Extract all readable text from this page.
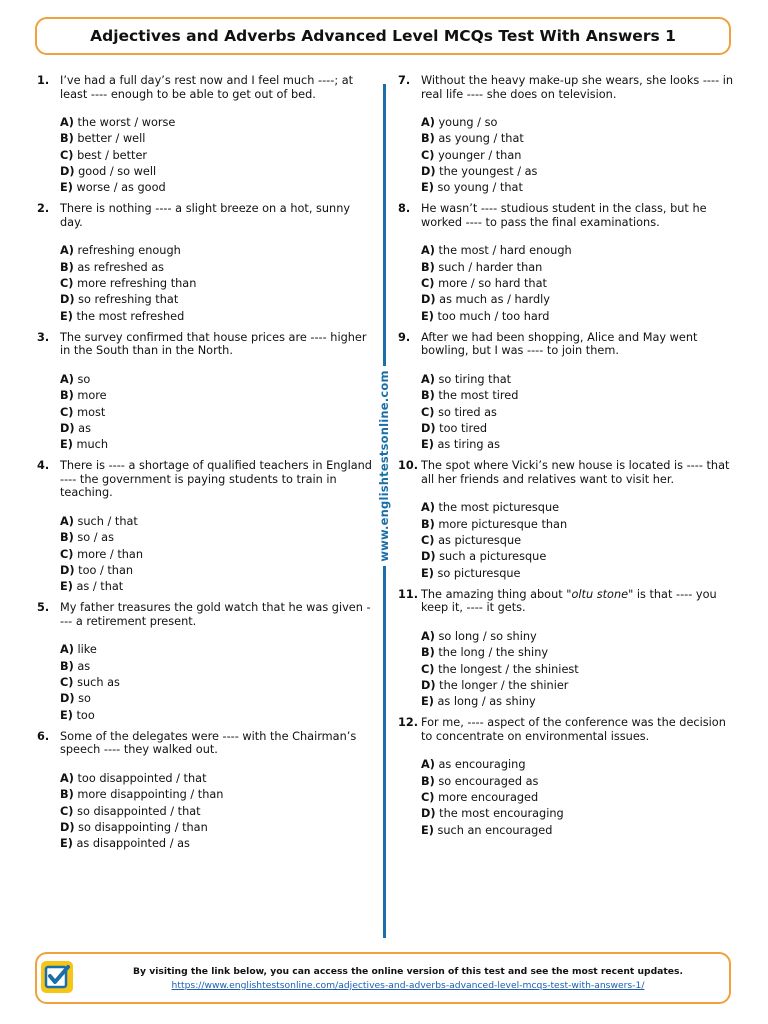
Adjectives and Adverbs Advanced Level MCQs Test With Answers 1
www.englishtestsonline.com
1. I’ve had a full day’s rest now and I feel much ----; at least ---- enough to be able to get out of bed.

A) the worst / worse

B) better / well

C) best / better

D) good / so well

E) worse / as good

2. There is nothing ---- a slight breeze on a hot, sunny day.

A) refreshing enough

B) as refreshed as

C) more refreshing than

D) so refreshing that

E) the most refreshed

3. The survey confirmed that house prices are ---- higher in the South than in the North.

A) so

B) more

C) most

D) as

E) much

4. There is ---- a shortage of qualified teachers in England ---- the government is paying students to train in teaching.

A) such / that

B) so / as

C) more / than

D) too / than

E) as / that

5. My father treasures the gold watch that he was given ---- a retirement present.

A) like

B) as

C) such as

D) so

E) too

6. Some of the delegates were ---- with the Chairman’s speech ---- they walked out.

A) too disappointed / that

B) more disappointing / than

C) so disappointed / that

D) so disappointing / than

E) as disappointed / as

7. Without the heavy make-up she wears, she looks ---- in real life ---- she does on television.

A) young / so

B) as young / that

C) younger / than

D) the youngest / as

E) so young / that

8. He wasn’t ---- studious student in the class, but he worked ---- to pass the final examinations.

A) the most / hard enough

B) such / harder than

C) more / so hard that

D) as much as / hardly

E) too much / too hard

9. After we had been shopping, Alice and May went bowling, but I was ---- to join them.

A) so tiring that

B) the most tired

C) so tired as

D) too tired

E) as tiring as

10. The spot where Vicki’s new house is located is ---- that all her friends and relatives want to visit her.

A) the most picturesque

B) more picturesque than

C) as picturesque

D) such a picturesque

E) so picturesque

11. The amazing thing about "oltu stone" is that ---- you keep it, ---- it gets.

A) so long / so shiny

B) the long / the shiny

C) the longest / the shiniest

D) the longer / the shinier

E) as long / as shiny

12. For me, ---- aspect of the conference was the decision to concentrate on environmental issues.

A) as encouraging

B) so encouraged as

C) more encouraged

D) the most encouraging

E) such an encouraged

By visiting the link below, you can access the online version of this test and see the most recent updates.
https://www.englishtestsonline.com/adjectives-and-adverbs-advanced-level-mcqs-test-with-answers-1/
